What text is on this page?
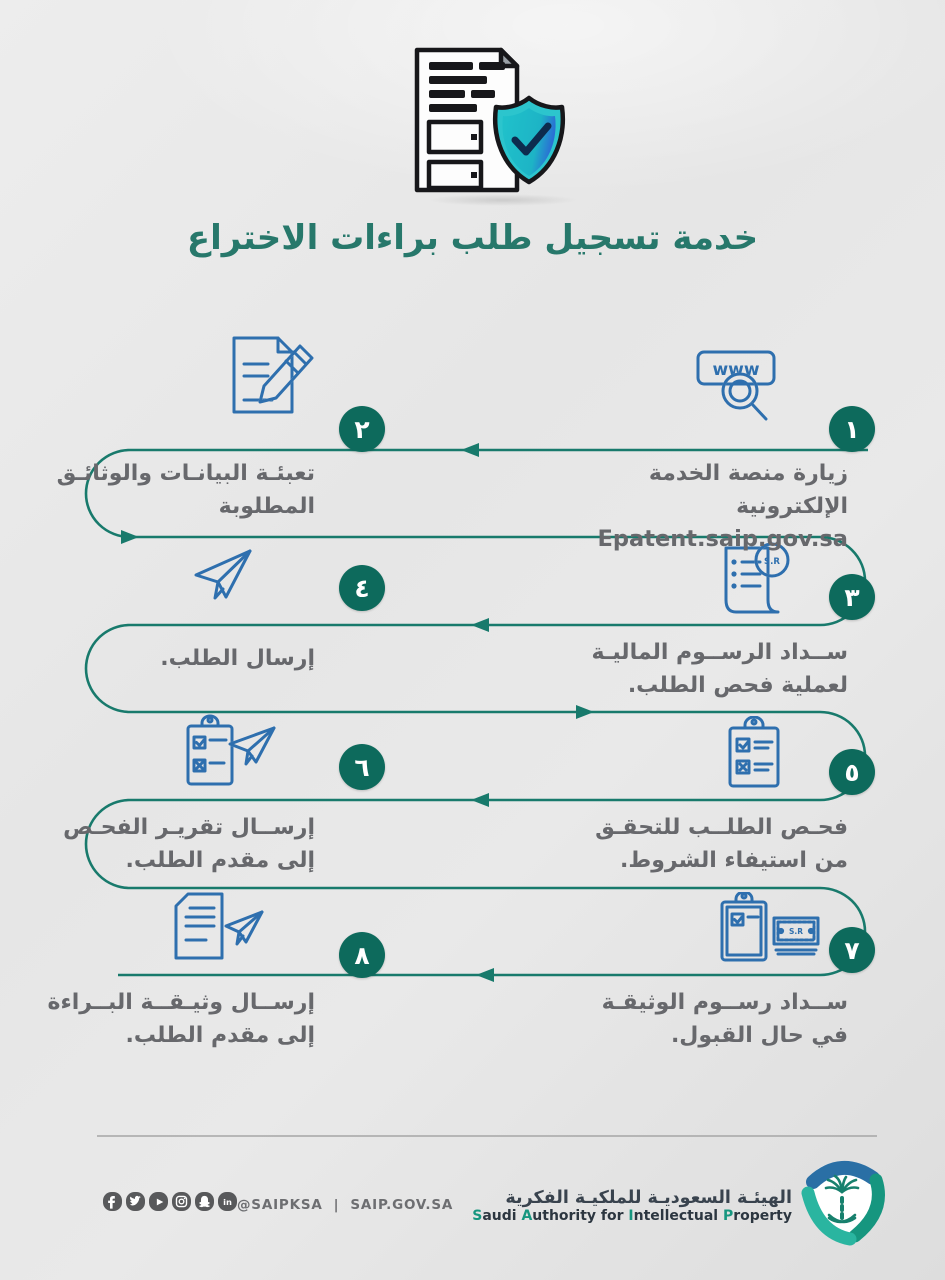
خدمة تسجيل طلب براءات الاختراع
١
٢
٣
٤
٥
٦
٧
٨
www
S.R
S.R
زيارة منصة الخدمة الإلكترونية
Epatent.saip.gov.sa
تعبئـة البيانـات والوثائـق
المطلوبة
ســداد الرســوم الماليـة
لعملية فحص الطلب.
إرسال الطلب.
فحـص الطلــب للتحقـق
من استيفاء الشروط.
إرســال تقريـر الفحـص
إلى مقدم الطلب.
ســداد رســوم الوثيقـة
في حال القبول.
إرســال وثيـقــة البــراءة
إلى مقدم الطلب.
in @SAIPKSA | SAIP.GOV.SA	الهيئـة السعوديـة للملكيـة الفكرية
Saudi Authority for Intellectual Property
